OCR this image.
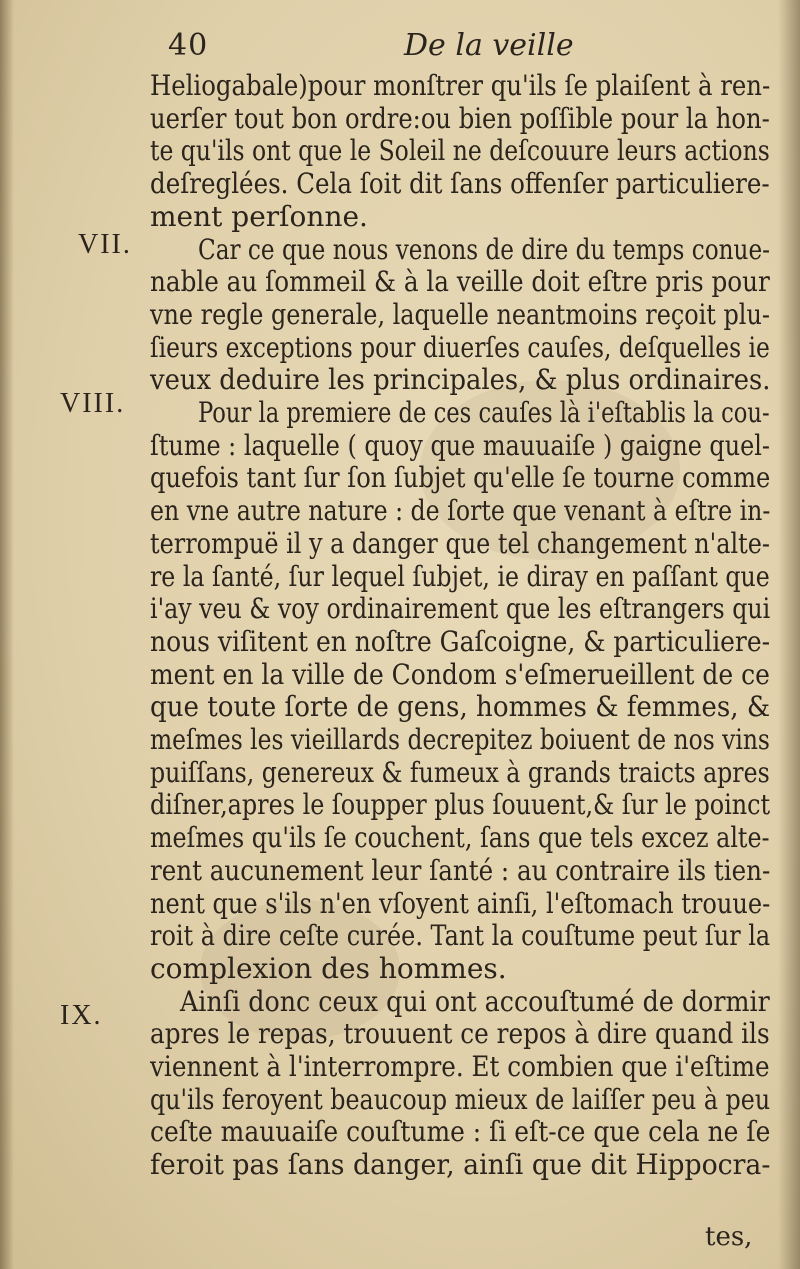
40	De la veille
VII.
VIII.
IX.
Heliogabale)pour monſtrer qu'ils ſe plaiſent à ren-
uerſer tout bon ordre:ou bien poſſible pour la hon-
te qu'ils ont que le Soleil ne deſcouure leurs actions
deſreglées. Cela ſoit dit ſans offenſer particuliere-
ment perſonne.
Car ce que nous venons de dire du temps conue-
nable au ſommeil & à la veille doit eſtre pris pour
vne regle generale, laquelle neantmoins reçoit plu-
ſieurs exceptions pour diuerſes cauſes, deſquelles ie
veux deduire les principales, & plus ordinaires.
Pour la premiere de ces cauſes là i'eſtablis la cou-
ſtume : laquelle ( quoy que mauuaiſe ) gaigne quel-
quefois tant ſur ſon ſubjet qu'elle ſe tourne comme
en vne autre nature : de ſorte que venant à eſtre in-
terrompuë il y a danger que tel changement n'alte-
re la ſanté, ſur lequel ſubjet, ie diray en paſſant que
i'ay veu & voy ordinairement que les eſtrangers qui
nous viſitent en noſtre Gaſcoigne, & particuliere-
ment en la ville de Condom s'eſmerueillent de ce
que toute ſorte de gens, hommes & femmes, &
meſmes les vieillards decrepitez boiuent de nos vins
puiſſans, genereux & fumeux à grands traicts apres
diſner,apres le ſoupper plus ſouuent,& ſur le poinct
meſmes qu'ils ſe couchent, ſans que tels excez alte-
rent aucunement leur ſanté : au contraire ils tien-
nent que s'ils n'en vſoyent ainſi, l'eſtomach trouue-
roit à dire ceſte curée. Tant la couſtume peut ſur la
complexion des hommes.
Ainſi donc ceux qui ont accouſtumé de dormir
apres le repas, trouuent ce repos à dire quand ils
viennent à l'interrompre. Et combien que i'eſtime
qu'ils feroyent beaucoup mieux de laiſſer peu à peu
ceſte mauuaiſe couſtume : ſi eſt-ce que cela ne ſe
feroit pas ſans danger, ainſi que dit Hippocra-
tes,
